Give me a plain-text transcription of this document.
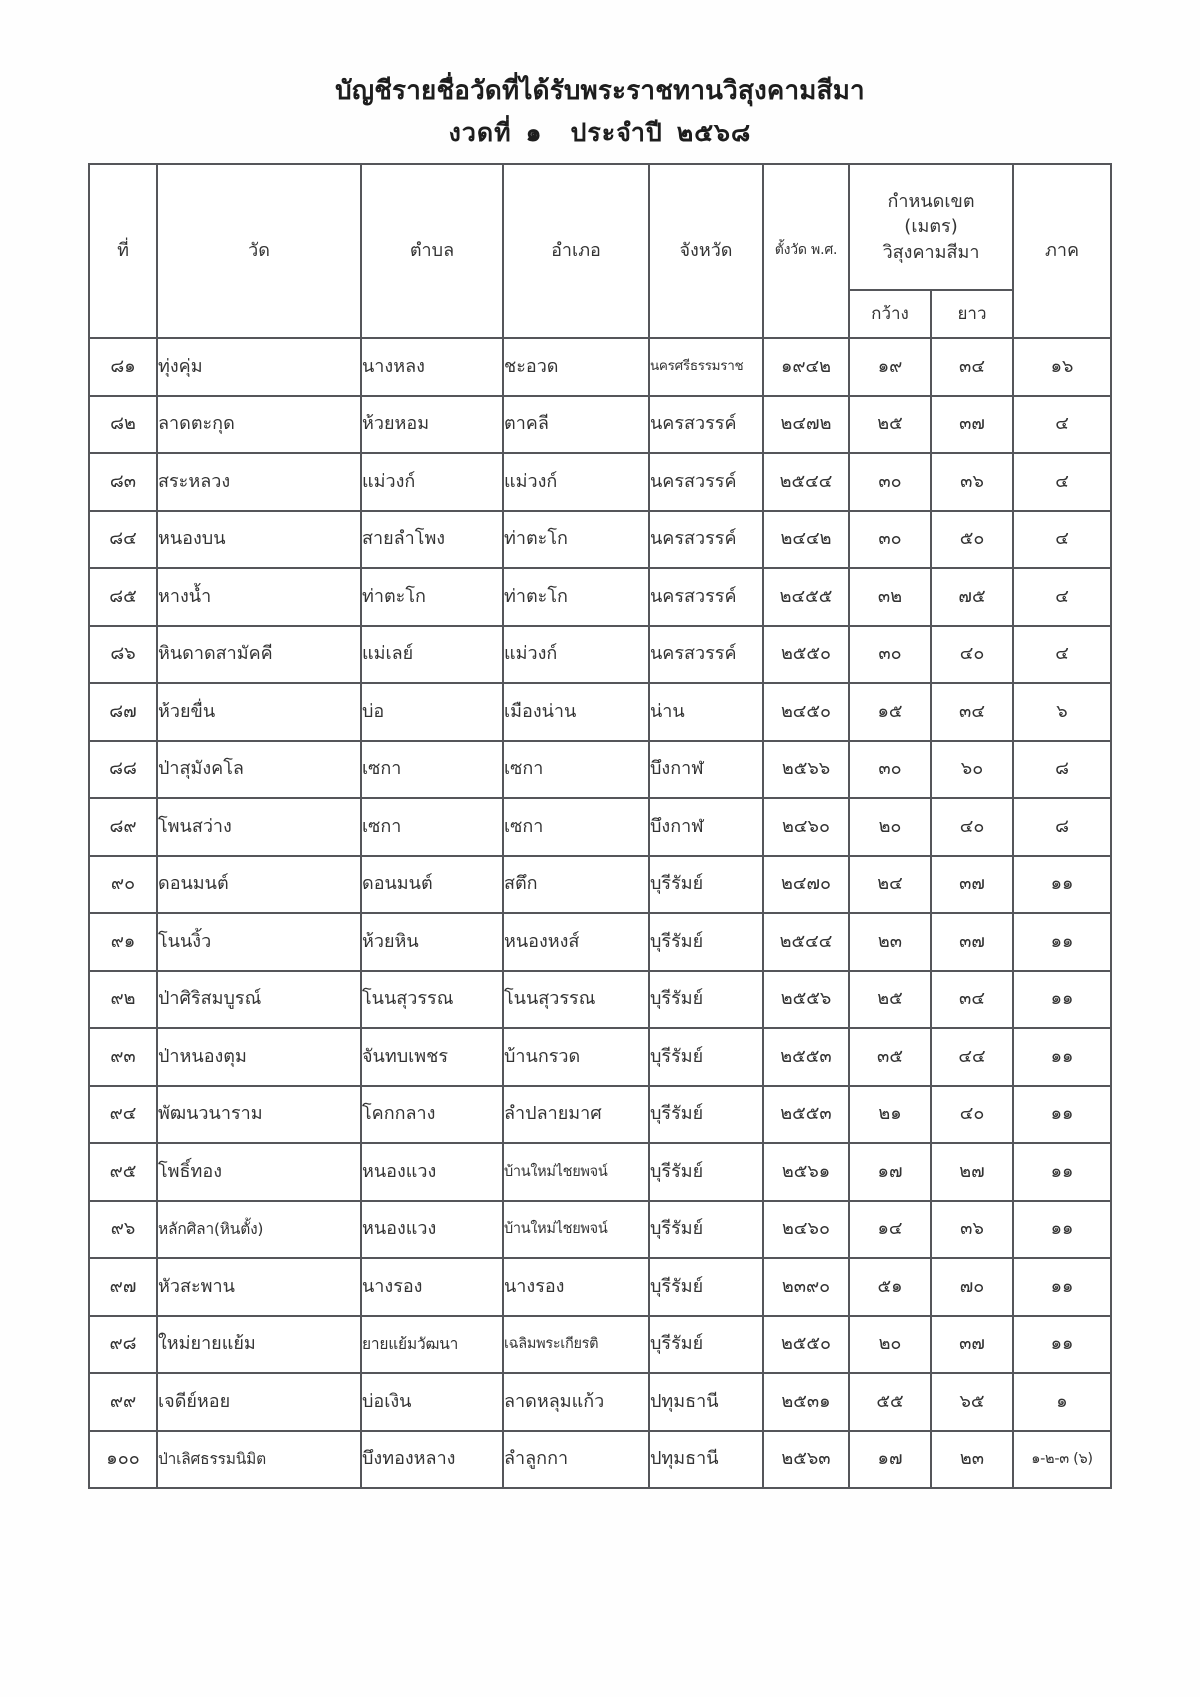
บัญชีรายชื่อวัดที่ได้รับพระราชทานวิสุงคามสีมา
งวดที่ ๑ ประจำปี ๒๕๖๘
ที่	วัด	ตำบล	อำเภอ	จังหวัด	ตั้งวัด พ.ศ.	กำหนดเขต
(เมตร)
วิสุงคามสีมา		ภาค
						กว้าง	ยาว	
๘๑	ทุ่งคุ่ม	นางหลง	ชะอวด	นครศรีธรรมราช	๑๙๔๒	๑๙	๓๔	๑๖
๘๒	ลาดตะกุด	ห้วยหอม	ตาคลี	นครสวรรค์	๒๔๗๒	๒๕	๓๗	๔
๘๓	สระหลวง	แม่วงก์	แม่วงก์	นครสวรรค์	๒๕๔๔	๓๐	๓๖	๔
๘๔	หนองบน	สายลำโพง	ท่าตะโก	นครสวรรค์	๒๔๔๒	๓๐	๕๐	๔
๘๕	หางน้ำ	ท่าตะโก	ท่าตะโก	นครสวรรค์	๒๔๕๕	๓๒	๗๕	๔
๘๖	หินดาดสามัคคี	แม่เลย์	แม่วงก์	นครสวรรค์	๒๕๕๐	๓๐	๔๐	๔
๘๗	ห้วยขื่น	บ่อ	เมืองน่าน	น่าน	๒๔๕๐	๑๕	๓๔	๖
๘๘	ป่าสุมังคโล	เซกา	เซกา	บึงกาฬ	๒๕๖๖	๓๐	๖๐	๘
๘๙	โพนสว่าง	เซกา	เซกา	บึงกาฬ	๒๔๖๐	๒๐	๔๐	๘
๙๐	ดอนมนต์	ดอนมนต์	สตึก	บุรีรัมย์	๒๔๗๐	๒๔	๓๗	๑๑
๙๑	โนนงิ้ว	ห้วยหิน	หนองหงส์	บุรีรัมย์	๒๕๔๔	๒๓	๓๗	๑๑
๙๒	ป่าศิริสมบูรณ์	โนนสุวรรณ	โนนสุวรรณ	บุรีรัมย์	๒๕๕๖	๒๕	๓๔	๑๑
๙๓	ป่าหนองตุม	จันทบเพชร	บ้านกรวด	บุรีรัมย์	๒๕๕๓	๓๕	๔๔	๑๑
๙๔	พัฒนวนาราม	โคกกลาง	ลำปลายมาศ	บุรีรัมย์	๒๕๕๓	๒๑	๔๐	๑๑
๙๕	โพธิ์ทอง	หนองแวง	บ้านใหม่ไชยพจน์	บุรีรัมย์	๒๕๖๑	๑๗	๒๗	๑๑
๙๖	หลักศิลา(หินตั้ง)	หนองแวง	บ้านใหม่ไชยพจน์	บุรีรัมย์	๒๔๖๐	๑๔	๓๖	๑๑
๙๗	หัวสะพาน	นางรอง	นางรอง	บุรีรัมย์	๒๓๙๐	๕๑	๗๐	๑๑
๙๘	ใหม่ยายแย้ม	ยายแย้มวัฒนา	เฉลิมพระเกียรติ	บุรีรัมย์	๒๕๕๐	๒๐	๓๗	๑๑
๙๙	เจดีย์หอย	บ่อเงิน	ลาดหลุมแก้ว	ปทุมธานี	๒๕๓๑	๕๕	๖๕	๑
๑๐๐	ป่าเลิศธรรมนิมิต	บึงทองหลาง	ลำลูกกา	ปทุมธานี	๒๕๖๓	๑๗	๒๓	๑-๒-๓ (๖)
